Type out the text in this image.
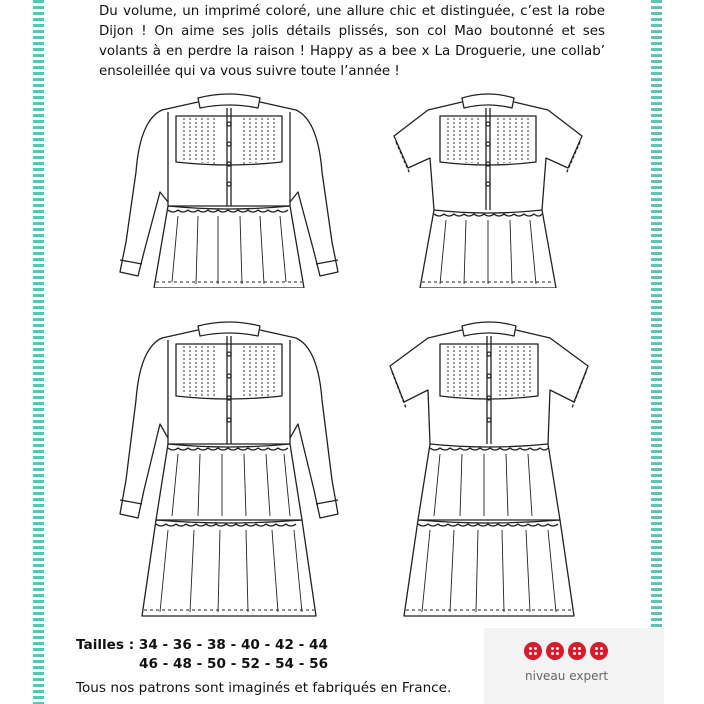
Du volume, un imprimé coloré, une allure chic et distinguée, c’est la robe Dijon ! On aime ses jolis détails plissés, son col Mao boutonné et ses volants à en perdre la raison ! Happy as a bee x La Droguerie, une collab’ ensoleillée qui va vous suivre toute l’année !

Tailles : 34 - 36 - 38 - 40 - 42 - 44
46 - 48 - 50 - 52 - 54 - 56
Tous nos patrons sont imaginés et fabriqués en France.
niveau expert
